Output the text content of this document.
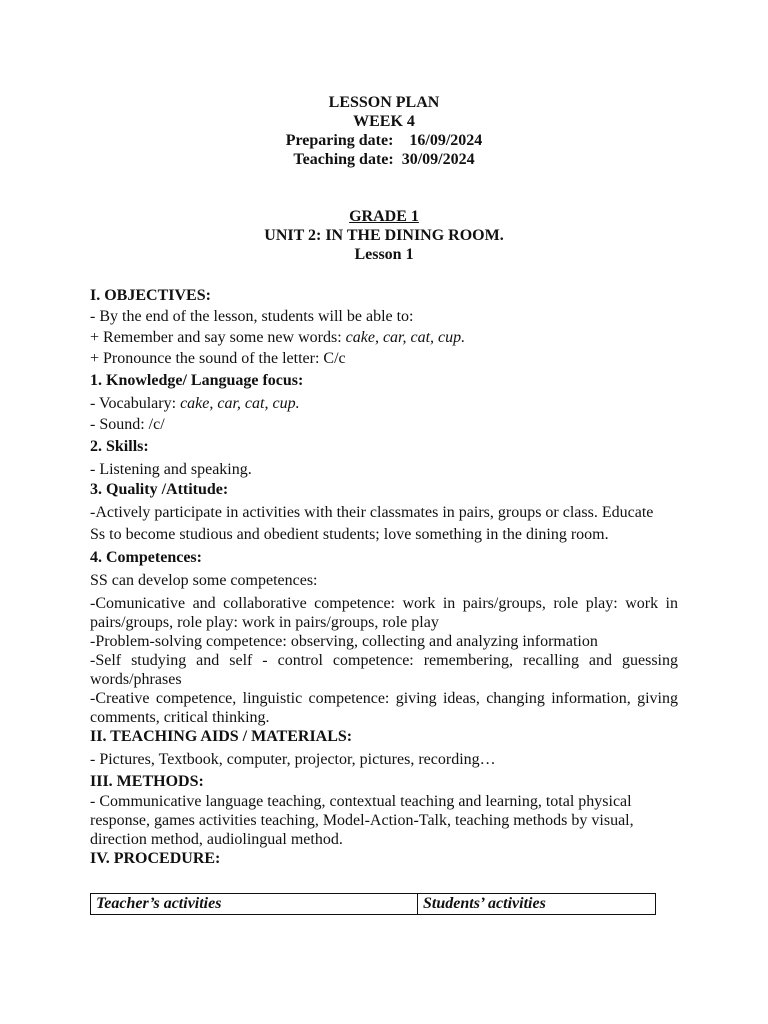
LESSON PLAN
WEEK 4
Preparing date: 16/09/2024
Teaching date: 30/09/2024
GRADE 1
UNIT 2: IN THE DINING ROOM.
Lesson 1

I. OBJECTIVES:

- By the end of the lesson, students will be able to:

+ Remember and say some new words: cake, car, cat, cup.

+ Pronounce the sound of the letter: C/c

1. Knowledge/ Language focus:

- Vocabulary: cake, car, cat, cup.

- Sound: /c/

2. Skills:

- Listening and speaking.

3. Quality /Attitude:

-Actively participate in activities with their classmates in pairs, groups or class. Educate

Ss to become studious and obedient students; love something in the dining room.

4. Competences:

SS can develop some competences:

-Comunicative and collaborative competence: work in pairs/groups, role play: work in pairs/groups, role play: work in pairs/groups, role play

-Problem-solving competence: observing, collecting and analyzing information

-Self studying and self - control competence: remembering, recalling and guessing words/phrases

-Creative competence, linguistic competence: giving ideas, changing information, giving comments, critical thinking.

II. TEACHING AIDS / MATERIALS:

- Pictures, Textbook, computer, projector, pictures, recording…

III. METHODS:

- Communicative language teaching, contextual teaching and learning, total physical response, games activities teaching, Model-Action-Talk, teaching methods by visual, direction method, audiolingual method.

IV. PROCEDURE:

Teacher’s activities	Students’ activities
